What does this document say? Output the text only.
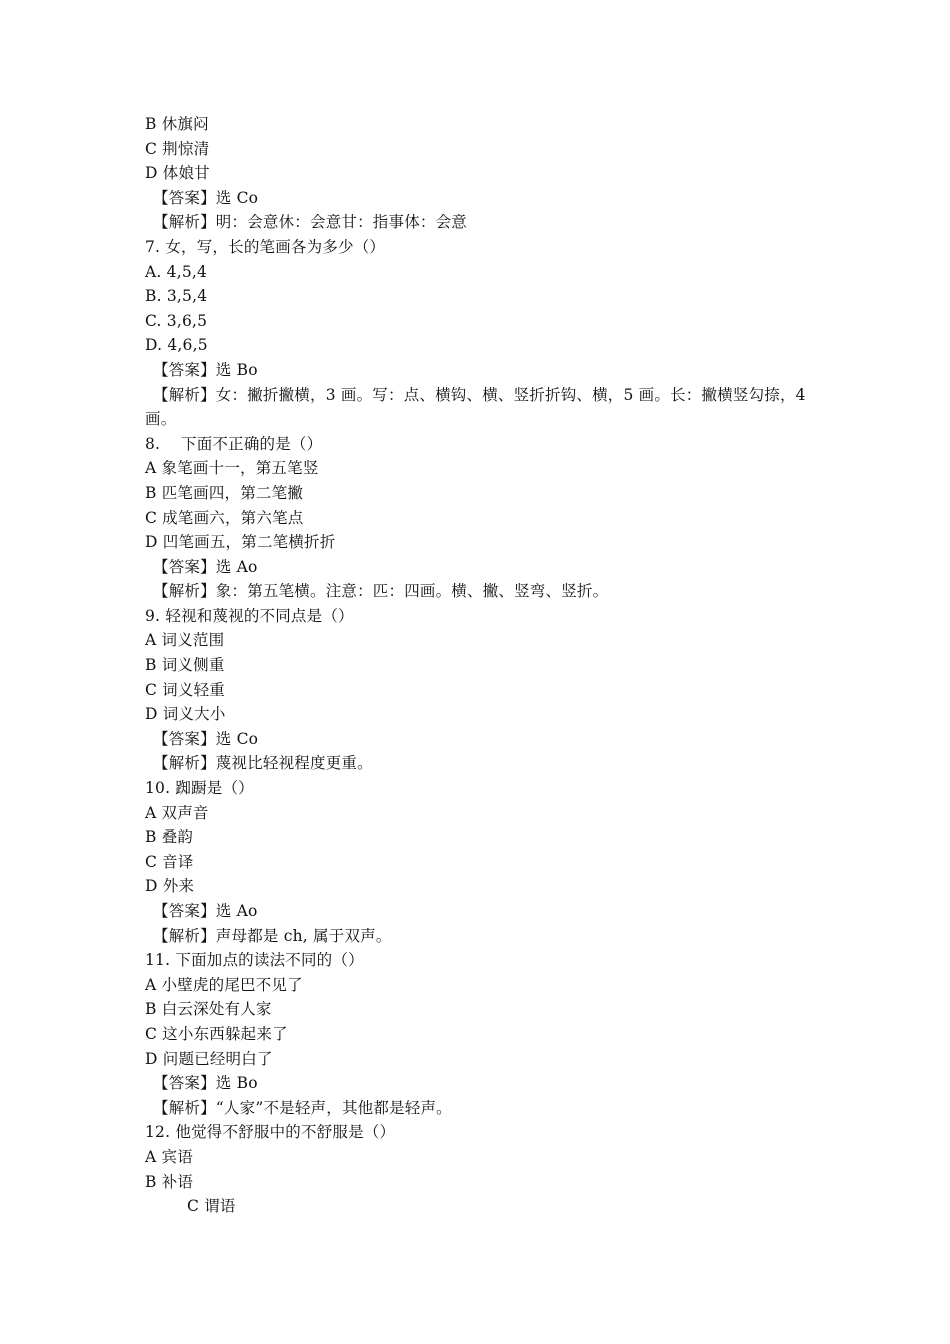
B 休旗闷
C 荆惊清
D 体娘甘
【答案】选 Co
【解析】明：会意休：会意甘：指事体：会意
7. 女，写，长的笔画各为多少（）
A. 4,5,4
B. 3,5,4
C. 3,6,5
D. 4,6,5
【答案】选 Bo
【解析】女：撇折撇横，3 画。写：点、横钩、横、竖折折钩、横，5 画。长：撇横竖勾捺，4 画。
8.　 下面不正确的是（）
A 象笔画十一，第五笔竖
B 匹笔画四，第二笔撇
C 成笔画六，第六笔点
D 凹笔画五，第二笔横折折
【答案】选 Ao
【解析】象：第五笔横。注意：匹：四画。横、撇、竖弯、竖折。
9. 轻视和蔑视的不同点是（）
A 词义范围
B 词义侧重
C 词义轻重
D 词义大小
【答案】选 Co
【解析】蔑视比轻视程度更重。
10. 踟蹰是（）
A 双声音
B 叠韵
C 音译
D 外来
【答案】选 Ao
【解析】声母都是 ch, 属于双声。
11. 下面加点的读法不同的（）
A 小壁虎的尾巴不见了
B 白云深处有人家
C 这小东西躲起来了
D 问题已经明白了
【答案】选 Bo
【解析】“人家”不是轻声，其他都是轻声。
12. 他觉得不舒服中的不舒服是（）
A 宾语
B 补语
C 谓语
